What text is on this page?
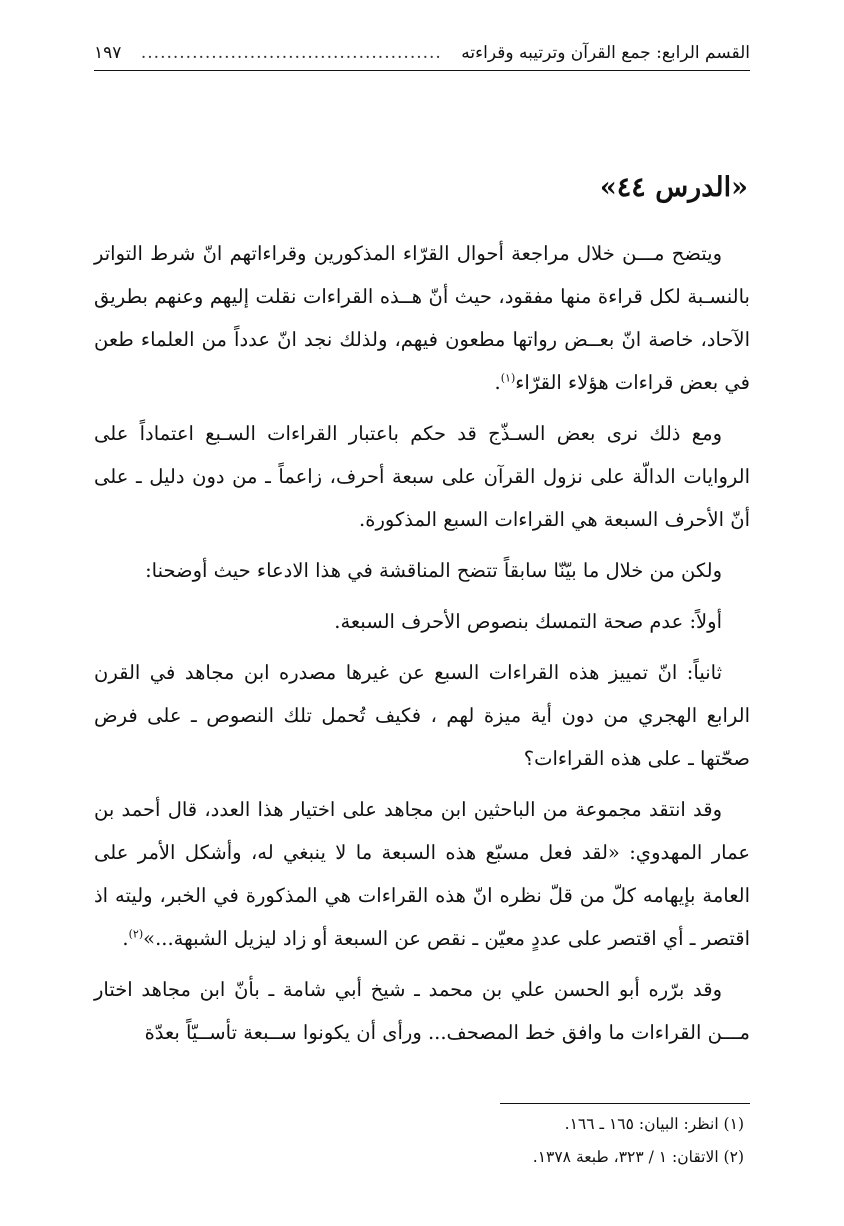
القسم الرابع: جمع القرآن وترتيبه وقراءته
...............................................
١٩٧
«الدرس ٤٤»

ويتضح مـــن خلال مراجعة أحوال القرّاء المذكورين وقراءاتهم انّ شرط التواتر بالنسـبة لكل قراءة منها مفقود، حيث أنّ هــذه القراءات نقلت إليهم وعنهم بطريق الآحاد، خاصة انّ بعــض رواتها مطعون فيهم، ولذلك نجد انّ عدداً من العلماء طعن في بعض قراءات هؤلاء القرّاء$^{(١)}$.

ومع ذلك نرى بعض السـذّج قد حكم باعتبار القراءات السـبع اعتماداً على الروايات الدالّة على نزول القرآن على سبعة أحرف، زاعماً ـ من دون دليل ـ على أنّ الأحرف السبعة هي القراءات السبع المذكورة.

ولكن من خلال ما بيّنّا سابقاً تتضح المناقشة في هذا الادعاء حيث أوضحنا:

أولاً: عدم صحة التمسك بنصوص الأحرف السبعة.

ثانياً: انّ تمييز هذه القراءات السبع عن غيرها مصدره ابن مجاهد في القرن الرابع الهجري من دون أية ميزة لهم ، فكيف تُحمل تلك النصوص ـ على فرض صحّتها ـ على هذه القراءات؟

وقد انتقد مجموعة من الباحثين ابن مجاهد على اختيار هذا العدد، قال أحمد بن عمار المهدوي: «لقد فعل مسبّع هذه السبعة ما لا ينبغي له، وأشكل الأمر على العامة بإيهامه كلّ من قلّ نظره انّ هذه القراءات هي المذكورة في الخبر، وليته اذ اقتصر ـ أي اقتصر على عددٍ معيّن ـ نقص عن السبعة أو زاد ليزيل الشبهة...»$^{(٢)}$.

وقد برّره أبو الحسن علي بن محمد ـ شيخ أبي شامة ـ بأنّ ابن مجاهد اختار مـــن القراءات ما وافق خط المصحف... ورأى أن يكونوا ســبعة تأســيّاً بعدّة

(١) انظر: البيان: ١٦٥ ـ ١٦٦.

(٢) الاتقان: ١ / ٣٢٣، طبعة ١٣٧٨.
